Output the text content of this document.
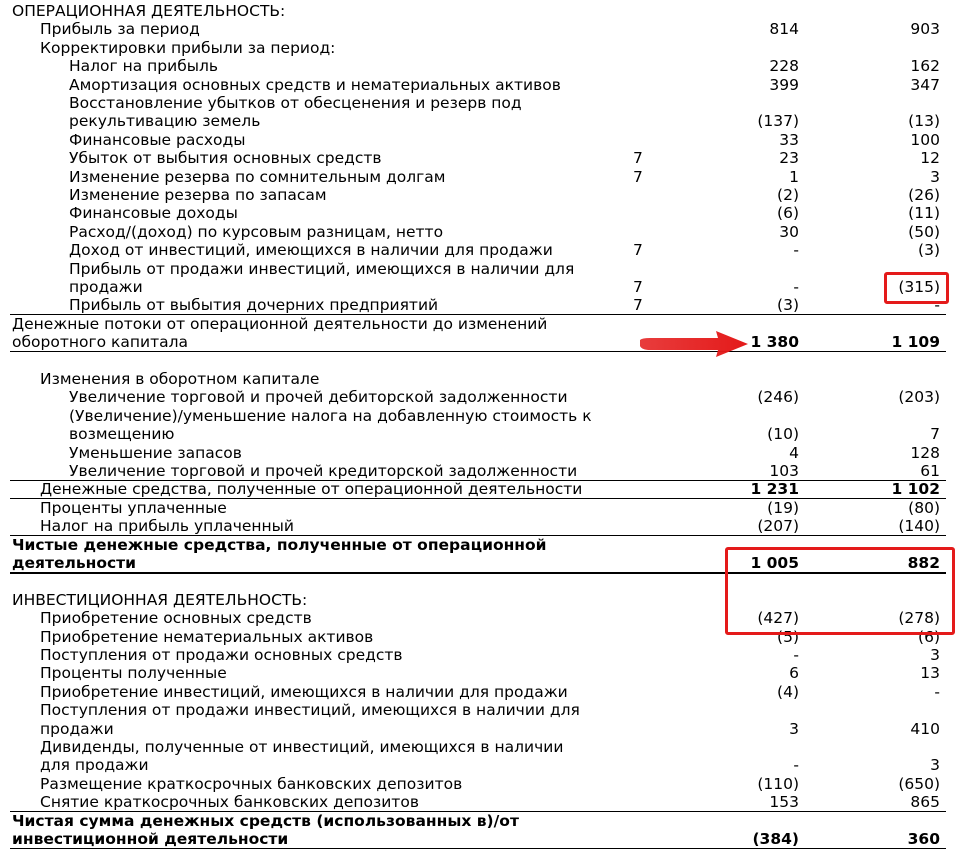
ОПЕРАЦИОННАЯ ДЕЯТЕЛЬНОСТЬ:
Прибыль за период	814	903
Корректировки прибыли за период:
Налог на прибыль	228	162
Амортизация основных средств и нематериальных активов	399	347
Восстановление убытков от обесценения и резерв под
рекультивацию земель	(137)	(13)
Финансовые расходы	33	100
Убыток от выбытия основных средств	7	23	12
Изменение резерва по сомнительным долгам	7	1	3
Изменение резерва по запасам	(2)	(26)
Финансовые доходы	(6)	(11)
Расход/(доход) по курсовым разницам, нетто	30	(50)
Доход от инвестиций, имеющихся в наличии для продажи	7	-	(3)
Прибыль от продажи инвестиций, имеющихся в наличии для
продажи	7	-	(315)
Прибыль от выбытия дочерних предприятий	7	(3)	-
Денежные потоки от операционной деятельности до изменений
оборотного капитала	1 380	1 109
Изменения в оборотном капитале
Увеличение торговой и прочей дебиторской задолженности	(246)	(203)
(Увеличение)/уменьшение налога на добавленную стоимость к
возмещению	(10)	7
Уменьшение запасов	4	128
Увеличение торговой и прочей кредиторской задолженности	103	61
Денежные средства, полученные от операционной деятельности	1 231	1 102
Проценты уплаченные	(19)	(80)
Налог на прибыль уплаченный	(207)	(140)
Чистые денежные средства, полученные от операционной
деятельности	1 005	882
ИНВЕСТИЦИОННАЯ ДЕЯТЕЛЬНОСТЬ:
Приобретение основных средств	(427)	(278)
Приобретение нематериальных активов	(5)	(6)
Поступления от продажи основных средств	-	3
Проценты полученные	6	13
Приобретение инвестиций, имеющихся в наличии для продажи	(4)	-
Поступления от продажи инвестиций, имеющихся в наличии для
продажи	3	410
Дивиденды, полученные от инвестиций, имеющихся в наличии
для продажи	-	3
Размещение краткосрочных банковских депозитов	(110)	(650)
Снятие краткосрочных банковских депозитов	153	865
Чистая сумма денежных средств (использованных в)/от
инвестиционной деятельности	(384)	360
